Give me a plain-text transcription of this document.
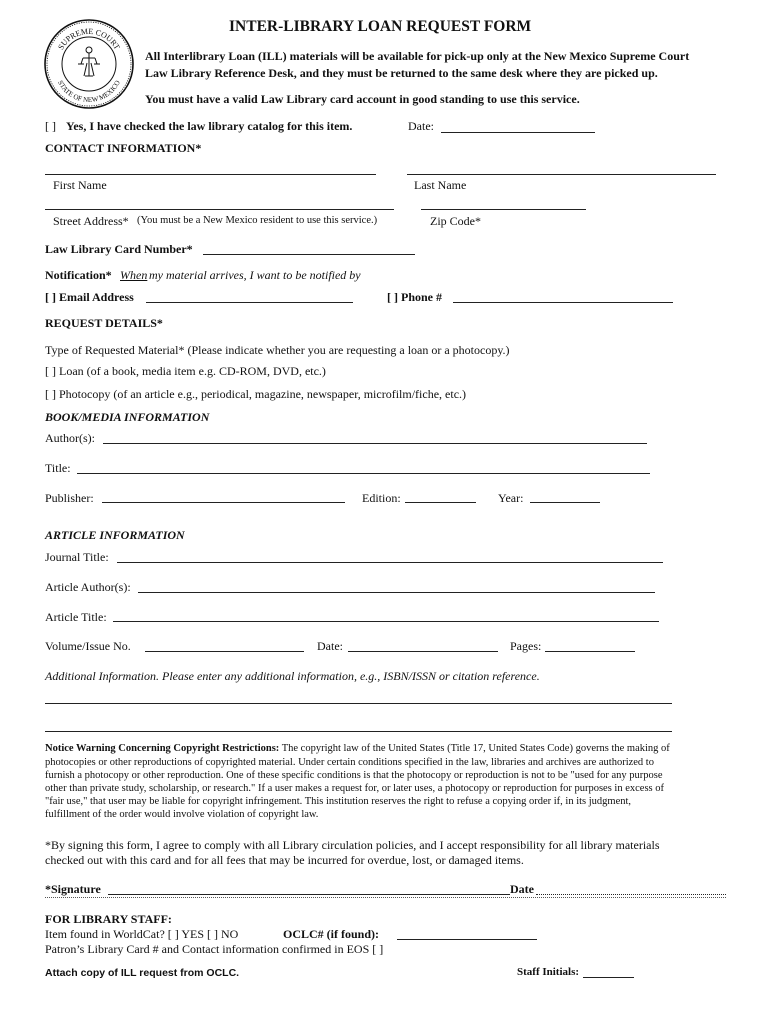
SUPREME COURT
STATE OF NEW MEXICO
INTER-LIBRARY LOAN REQUEST FORM
All Interlibrary Loan (ILL) materials will be available for pick-up only at the New Mexico Supreme Court
Law Library Reference Desk, and they must be returned to the same desk where they are picked up.
You must have a valid Law Library card account in good standing to use this service.
[ ] Yes, I have checked the law library catalog for this item.	Date:
CONTACT INFORMATION*
First Name	Last Name
Street Address* (You must be a New Mexico resident to use this service.)	Zip Code*
Law Library Card Number*
Notification* When my material arrives, I want to be notified by
[ ] Email Address	[ ] Phone #
REQUEST DETAILS*
Type of Requested Material* (Please indicate whether you are requesting a loan or a photocopy.)
[ ] Loan (of a book, media item e.g. CD-ROM, DVD, etc.)
[ ] Photocopy (of an article e.g., periodical, magazine, newspaper, microfilm/fiche, etc.)
BOOK/MEDIA INFORMATION
Author(s):
Title:
Publisher:	Edition:	Year:
ARTICLE INFORMATION
Journal Title:
Article Author(s):
Article Title:
Volume/Issue No.	Date:	Pages:
Additional Information. Please enter any additional information, e.g., ISBN/ISSN or citation reference.
Notice Warning Concerning Copyright Restrictions: The copyright law of the United States (Title 17, United States Code) governs the making of
photocopies or other reproductions of copyrighted material. Under certain conditions specified in the law, libraries and archives are authorized to
furnish a photocopy or other reproduction. One of these specific conditions is that the photocopy or reproduction is not to be "used for any purpose
other than private study, scholarship, or research." If a user makes a request for, or later uses, a photocopy or reproduction for purposes in excess of
"fair use," that user may be liable for copyright infringement. This institution reserves the right to refuse a copying order if, in its judgment,
fulfillment of the order would involve violation of copyright law.
*By signing this form, I agree to comply with all Library circulation policies, and I accept responsibility for all library materials
checked out with this card and for all fees that may be incurred for overdue, lost, or damaged items.
*Signature	Date
FOR LIBRARY STAFF:
Item found in WorldCat? [ ] YES [ ] NO	OCLC# (if found):
Patron’s Library Card # and Contact information confirmed in EOS [ ]
Attach copy of ILL request from OCLC.	Staff Initials:
